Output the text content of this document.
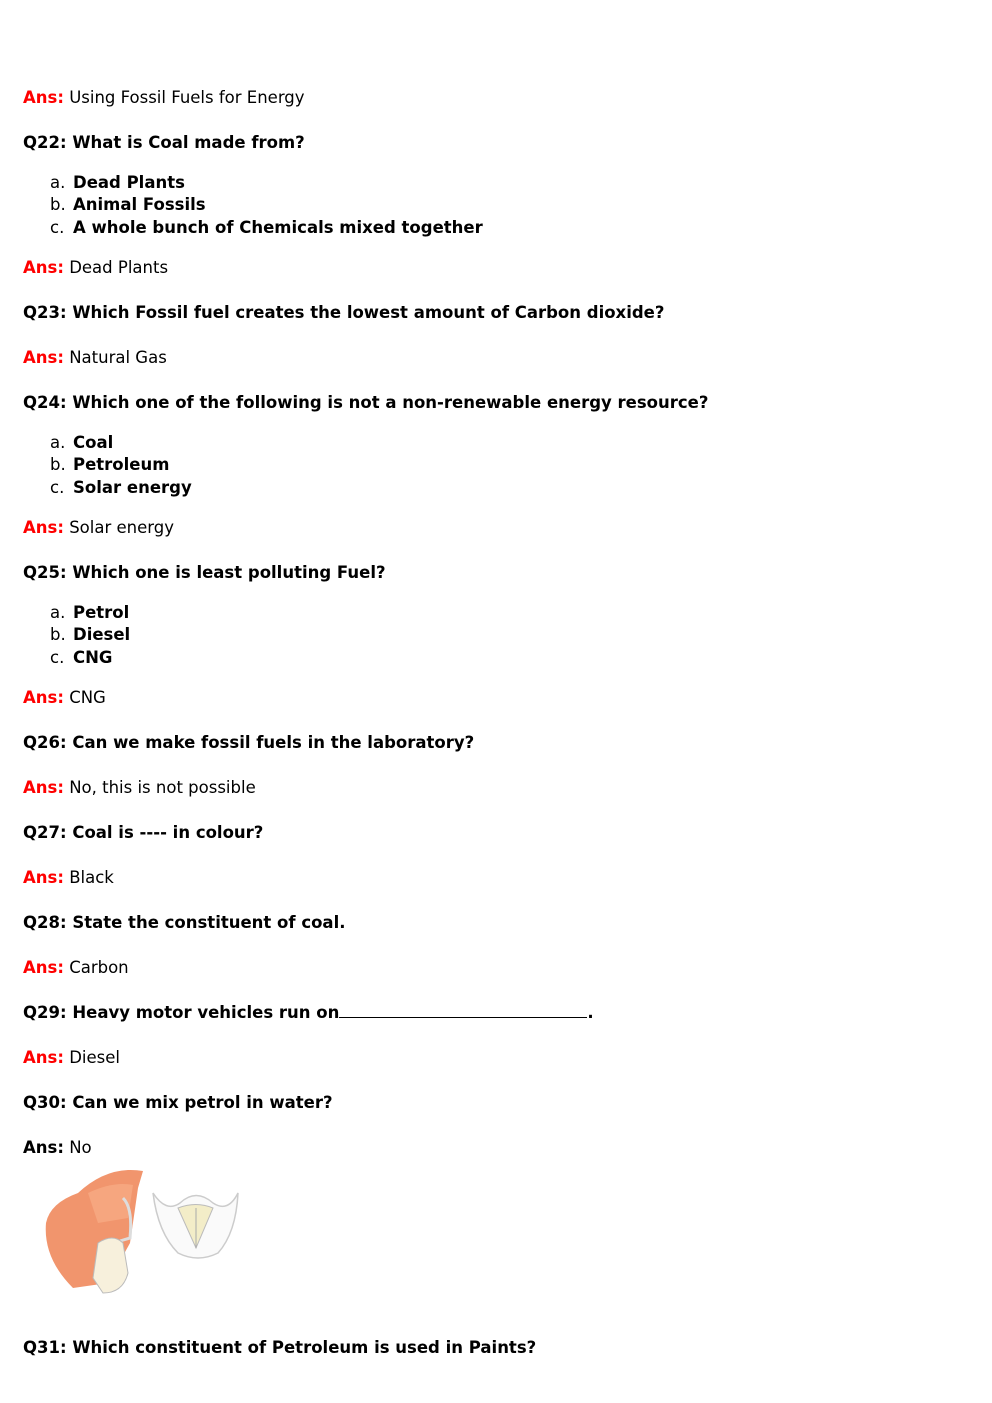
Ans: Using Fossil Fuels for Energy
Q22: What is Coal made from?
a. Dead Plants
b. Animal Fossils
c. A whole bunch of Chemicals mixed together
Ans: Dead Plants
Q23: Which Fossil fuel creates the lowest amount of Carbon dioxide?
Ans: Natural Gas
Q24: Which one of the following is not a non-renewable energy resource?
a. Coal
b. Petroleum
c. Solar energy
Ans: Solar energy
Q25: Which one is least polluting Fuel?
a. Petrol
b. Diesel
c. CNG
Ans: CNG
Q26: Can we make fossil fuels in the laboratory?
Ans: No, this is not possible
Q27: Coal is ---- in colour?
Ans: Black
Q28: State the constituent of coal.
Ans: Carbon
Q29: Heavy motor vehicles run on	.
Ans: Diesel
Q30: Can we mix petrol in water?
Ans: No
Q31: Which constituent of Petroleum is used in Paints?
